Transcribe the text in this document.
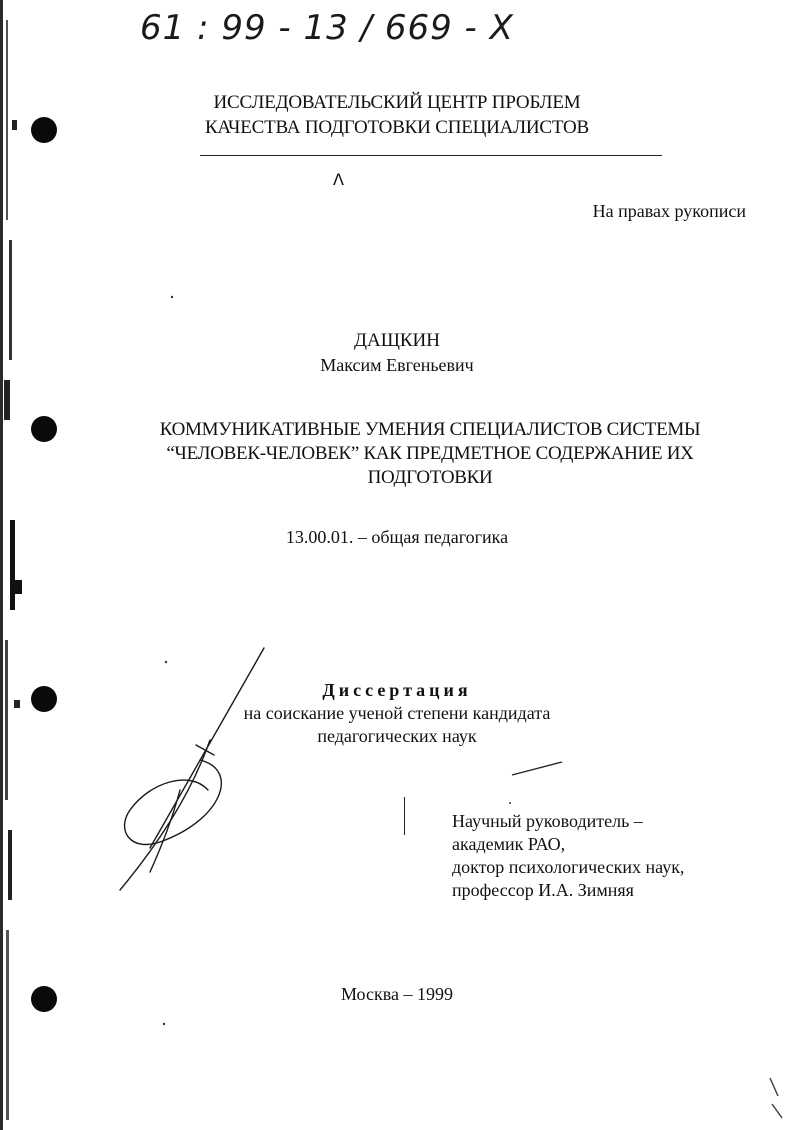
61 : 99 - 13 / 669 - X
ИССЛЕДОВАТЕЛЬСКИЙ ЦЕНТР ПРОБЛЕМ
КАЧЕСТВА ПОДГОТОВКИ СПЕЦИАЛИСТОВ
Λ
На правах рукописи
ДАЩКИН
Максим Евгеньевич
КОММУНИКАТИВНЫЕ УМЕНИЯ СПЕЦИАЛИСТОВ СИСТЕМЫ
“ЧЕЛОВЕК-ЧЕЛОВЕК” КАК ПРЕДМЕТНОЕ СОДЕРЖАНИЕ ИХ
ПОДГОТОВКИ
13.00.01. – общая педагогика
Диссертация
на соискание ученой степени кандидата
педагогических наук
Научный руководитель –
академик РАО,
доктор психологических наук,
профессор И.А. Зимняя
Москва – 1999
